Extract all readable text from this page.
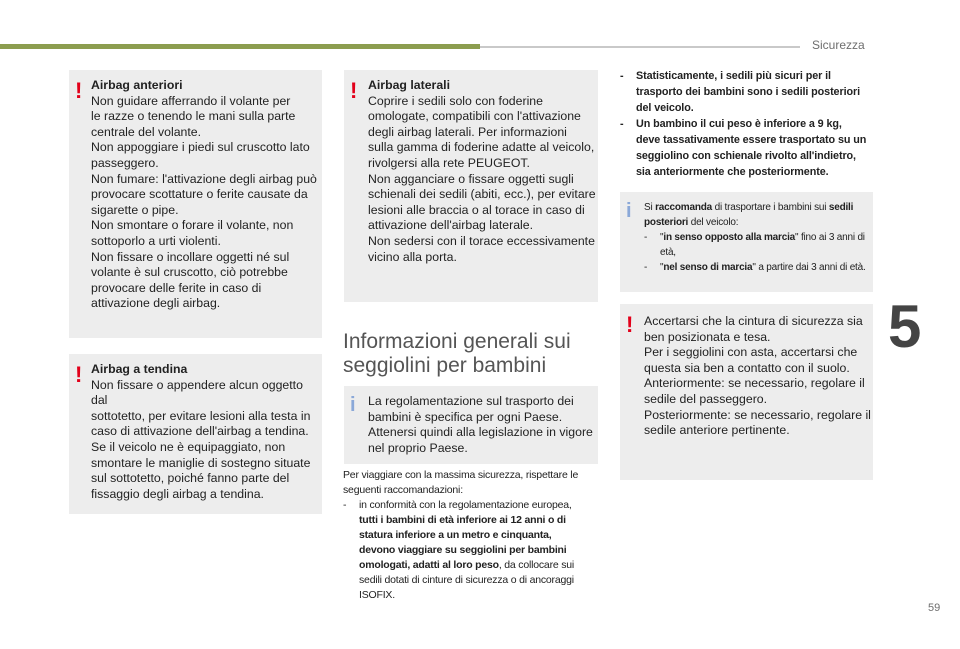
Sicurezza
5
59
! Airbag anteriori
Non guidare afferrando il volante per
le razze o tenendo le mani sulla parte
centrale del volante.
Non appoggiare i piedi sul cruscotto lato
passeggero.
Non fumare: l'attivazione degli airbag può
provocare scottature o ferite causate da
sigarette o pipe.
Non smontare o forare il volante, non
sottoporlo a urti violenti.
Non fissare o incollare oggetti né sul
volante è sul cruscotto, ciò potrebbe
provocare delle ferite in caso di
attivazione degli airbag.
! Airbag a tendina
Non fissare o appendere alcun oggetto dal
sottotetto, per evitare lesioni alla testa in
caso di attivazione dell'airbag a tendina.
Se il veicolo ne è equipaggiato, non
smontare le maniglie di sostegno situate
sul sottotetto, poiché fanno parte del
fissaggio degli airbag a tendina.
! Airbag laterali
Coprire i sedili solo con foderine
omologate, compatibili con l'attivazione
degli airbag laterali. Per informazioni
sulla gamma di foderine adatte al veicolo,
rivolgersi alla rete PEUGEOT.
Non agganciare o fissare oggetti sugli
schienali dei sedili (abiti, ecc.), per evitare
lesioni alle braccia o al torace in caso di
attivazione dell'airbag laterale.
Non sedersi con il torace eccessivamente
vicino alla porta.
Informazioni generali sui
seggiolini per bambini
i La regolamentazione sul trasporto dei
bambini è specifica per ogni Paese.
Attenersi quindi alla legislazione in vigore
nel proprio Paese.
Per viaggiare con la massima sicurezza, rispettare le
seguenti raccomandazioni:
- in conformità con la regolamentazione europea,
tutti i bambini di età inferiore ai 12 anni o di
statura inferiore a un metro e cinquanta,
devono viaggiare su seggiolini per bambini
omologati, adatti al loro peso, da collocare sui
sedili dotati di cinture di sicurezza o di ancoraggi
ISOFIX.
- Statisticamente, i sedili più sicuri per il
trasporto dei bambini sono i sedili posteriori
del veicolo.
- Un bambino il cui peso è inferiore a 9 kg,
deve tassativamente essere trasportato su un
seggiolino con schienale rivolto all'indietro,
sia anteriormente che posteriormente.
i Si raccomanda di trasportare i bambini sui sedili
posteriori del veicolo:
- "in senso opposto alla marcia" fino ai 3 anni di
età,
- "nel senso di marcia" a partire dai 3 anni di età.
! Accertarsi che la cintura di sicurezza sia
ben posizionata e tesa.
Per i seggiolini con asta, accertarsi che
questa sia ben a contatto con il suolo.
Anteriormente: se necessario, regolare il
sedile del passeggero.
Posteriormente: se necessario, regolare il
sedile anteriore pertinente.
